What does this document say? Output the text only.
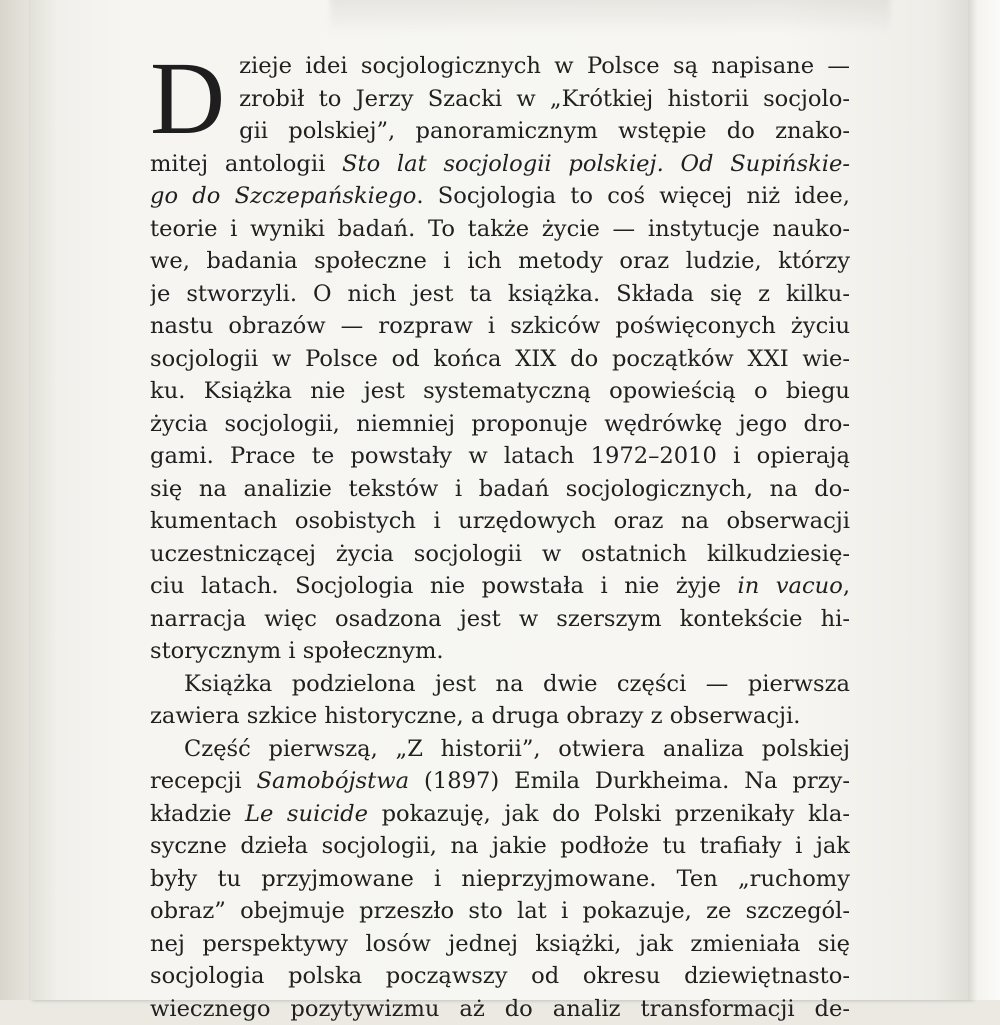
D zieje idei socjologicznych w Polsce są napisane —
zrobił to Jerzy Szacki w „Krótkiej historii socjolo-
gii polskiej”, panoramicznym wstępie do znako-
mitej antologii Sto lat socjologii polskiej. Od Supińskie-
go do Szczepańskiego. Socjologia to coś więcej niż idee,
teorie i wyniki badań. To także życie — instytucje nauko-
we, badania społeczne i ich metody oraz ludzie, którzy
je stworzyli. O nich jest ta książka. Składa się z kilku-
nastu obrazów — rozpraw i szkiców poświęconych życiu
socjologii w Polsce od końca XIX do początków XXI wie-
ku. Książka nie jest systematyczną opowieścią o biegu
życia socjologii, niemniej proponuje wędrówkę jego dro-
gami. Prace te powstały w latach 1972–2010 i opierają
się na analizie tekstów i badań socjologicznych, na do-
kumentach osobistych i urzędowych oraz na obserwacji
uczestniczącej życia socjologii w ostatnich kilkudziesię-
ciu latach. Socjologia nie powstała i nie żyje in vacuo,
narracja więc osadzona jest w szerszym kontekście hi-
storycznym i społecznym.
Książka podzielona jest na dwie części — pierwsza
zawiera szkice historyczne, a druga obrazy z obserwacji.
Część pierwszą, „Z historii”, otwiera analiza polskiej
recepcji Samobójstwa (1897) Emila Durkheima. Na przy-
kładzie Le suicide pokazuję, jak do Polski przenikały kla-
syczne dzieła socjologii, na jakie podłoże tu trafiały i jak
były tu przyjmowane i nieprzyjmowane. Ten „ruchomy
obraz” obejmuje przeszło sto lat i pokazuje, ze szczegól-
nej perspektywy losów jednej książki, jak zmieniała się
socjologia polska począwszy od okresu dziewiętnasto-
wiecznego pozytywizmu aż do analiz transformacji de-
